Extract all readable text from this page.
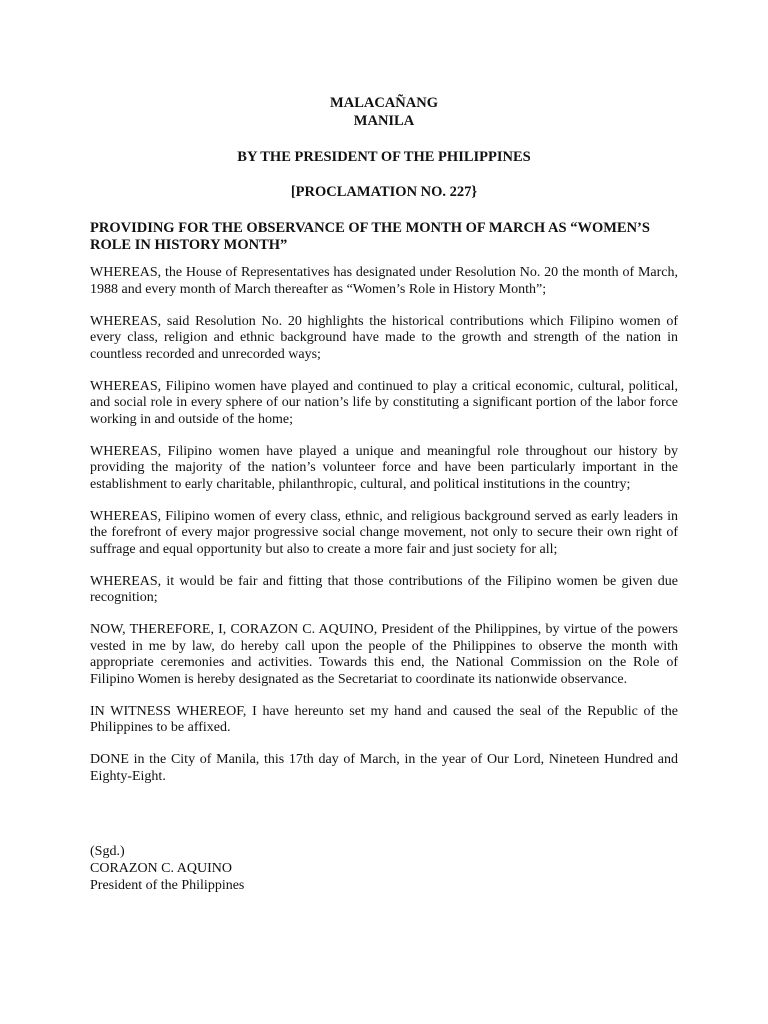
MALACAÑANG
MANILA
BY THE PRESIDENT OF THE PHILIPPINES
[PROCLAMATION NO. 227}
PROVIDING FOR THE OBSERVANCE OF THE MONTH OF MARCH AS “WOMEN’S
ROLE IN HISTORY MONTH”

WHEREAS, the House of Representatives has designated under Resolution No. 20 the month of March, 1988 and every month of March thereafter as “Women’s Role in History Month”;

WHEREAS, said Resolution No. 20 highlights the historical contributions which Filipino women of every class, religion and ethnic background have made to the growth and strength of the nation in countless recorded and unrecorded ways;

WHEREAS, Filipino women have played and continued to play a critical economic, cultural, political, and social role in every sphere of our nation’s life by constituting a significant portion of the labor force working in and outside of the home;

WHEREAS, Filipino women have played a unique and meaningful role throughout our history by providing the majority of the nation’s volunteer force and have been particularly important in the establishment to early charitable, philanthropic, cultural, and political institutions in the country;

WHEREAS, Filipino women of every class, ethnic, and religious background served as early leaders in the forefront of every major progressive social change movement, not only to secure their own right of suffrage and equal opportunity but also to create a more fair and just society for all;

WHEREAS, it would be fair and fitting that those contributions of the Filipino women be given due recognition;

NOW, THEREFORE, I, CORAZON C. AQUINO, President of the Philippines, by virtue of the powers vested in me by law, do hereby call upon the people of the Philippines to observe the month with appropriate ceremonies and activities. Towards this end, the National Commission on the Role of Filipino Women is hereby designated as the Secretariat to coordinate its nationwide observance.

IN WITNESS WHEREOF, I have hereunto set my hand and caused the seal of the Republic of the Philippines to be affixed.

DONE in the City of Manila, this 17th day of March, in the year of Our Lord, Nineteen Hundred and Eighty-Eight.

(Sgd.)
CORAZON C. AQUINO
President of the Philippines
